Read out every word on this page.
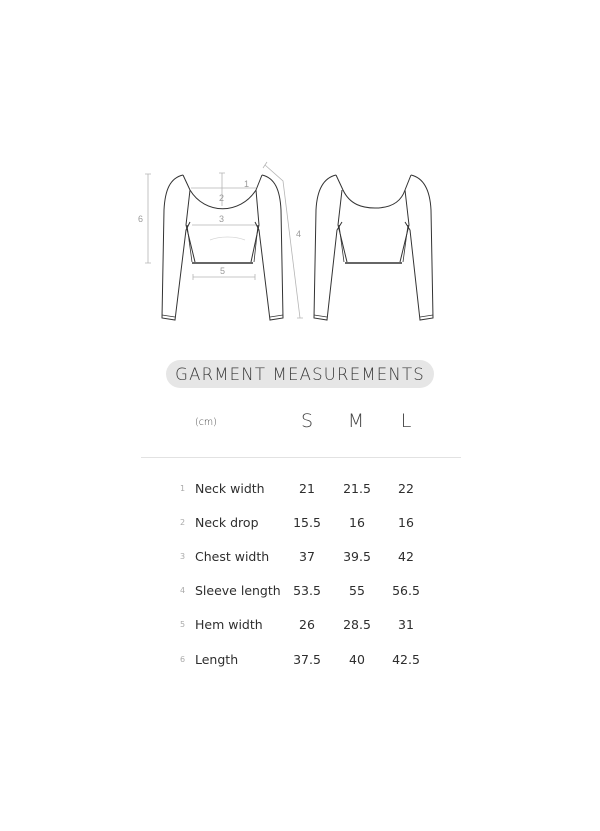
1
2
3
4
5
6
GARMENT MEASUREMENTS
(cm)	S	M	L
1 Neck width	21	21.5	22
2 Neck drop	15.5	16	16
3 Chest width	37	39.5	42
4 Sleeve length 53.5	55	56.5
5 Hem width	26	28.5	31
6 Length	37.5	40	42.5
